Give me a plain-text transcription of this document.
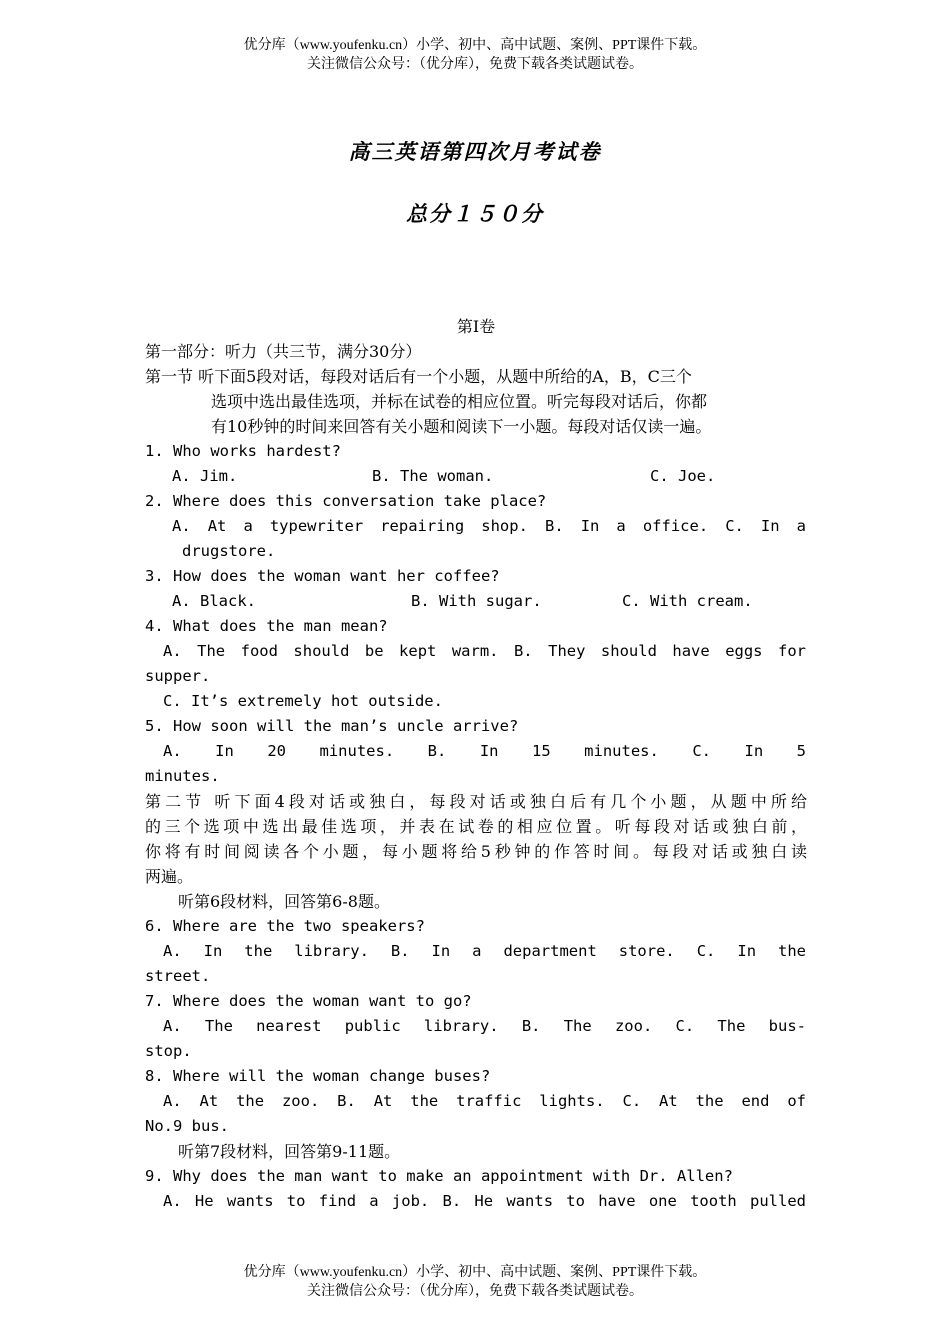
优分库（www.youfenku.cn）小学、初中、高中试题、案例、PPT课件下载。
关注微信公众号：（优分库），免费下载各类试题试卷。
高三英语第四次月考试卷
总分１５０分
第I卷
第一部分：听力（共三节，满分30分）
第一节 听下面5段对话，每段对话后有一个小题，从题中所给的A，B，C三个
选项中选出最佳选项，并标在试卷的相应位置。听完每段对话后，你都
有10秒钟的时间来回答有关小题和阅读下一小题。每段对话仅读一遍。
1. Who works hardest?
A. Jim.	B. The woman.	C. Joe.
2. Where does this conversation take place?
A. At a typewriter repairing shop. B. In a office. C. In a
drugstore.
3. How does the woman want her coffee?
A. Black.	B. With sugar.	C. With cream.
4. What does the man mean?
A. The food should be kept warm. B. They should have eggs for
supper.
C. It’s extremely hot outside.
5. How soon will the man’s uncle arrive?
A. In 20 minutes. B. In 15 minutes. C. In 5
minutes.
第二节 听下面4段对话或独白，每段对话或独白后有几个小题，从题中所给
的三个选项中选出最佳选项，并表在试卷的相应位置。听每段对话或独白前，
你将有时间阅读各个小题，每小题将给5秒钟的作答时间。每段对话或独白读
两遍。
听第6段材料，回答第6-8题。
6. Where are the two speakers?
A. In the library. B. In a department store. C. In the
street.
7. Where does the woman want to go?
A. The nearest public library. B. The zoo. C. The bus-
stop.
8. Where will the woman change buses?
A. At the zoo. B. At the traffic lights. C. At the end of
No.9 bus.
听第7段材料，回答第9-11题。
9. Why does the man want to make an appointment with Dr. Allen?
A. He wants to find a job. B. He wants to have one tooth pulled
优分库（www.youfenku.cn）小学、初中、高中试题、案例、PPT课件下载。
关注微信公众号：（优分库），免费下载各类试题试卷。
